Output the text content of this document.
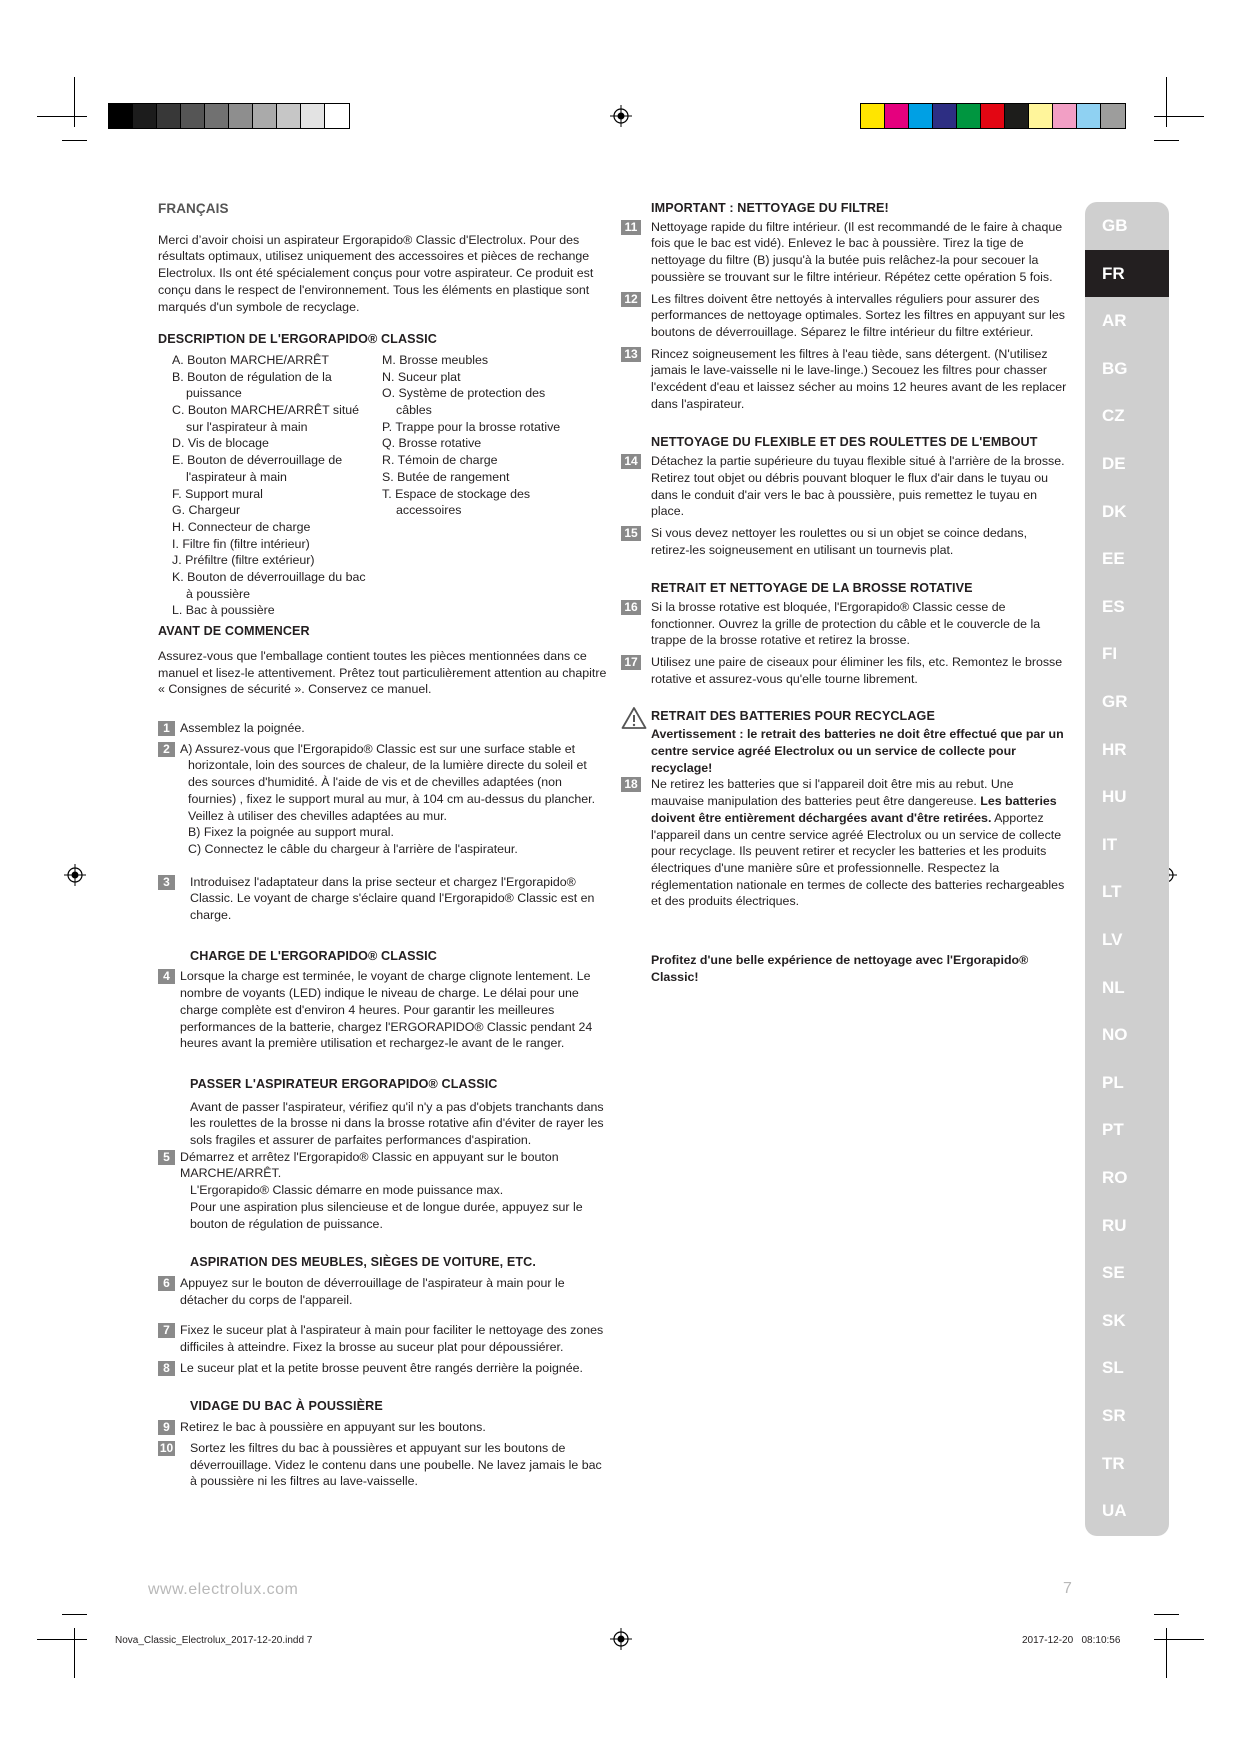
FRANÇAIS

Merci d’avoir choisi un aspirateur Ergorapido® Classic d'Electrolux. Pour des résultats optimaux, utilisez uniquement des accessoires et pièces de rechange Electrolux. Ils ont été spécialement conçus pour votre aspirateur. Ce produit est conçu dans le respect de l'environnement. Tous les éléments en plastique sont marqués d'un symbole de recyclage.

DESCRIPTION DE L'ERGORAPIDO® CLASSIC

A. Bouton MARCHE/ARRÊT
B. Bouton de régulation de la puissance
C. Bouton MARCHE/ARRÊT situé sur l'aspirateur à main
D. Vis de blocage
E. Bouton de déverrouillage de l'aspirateur à main
F. Support mural
G. Chargeur
H. Connecteur de charge
I. Filtre fin (filtre intérieur)
J. Préfiltre (filtre extérieur)
K. Bouton de déverrouillage du bac à poussière
L. Bac à poussière
M. Brosse meubles
N. Suceur plat
O. Système de protection des câbles
P. Trappe pour la brosse rotative
Q. Brosse rotative
R. Témoin de charge
S. Butée de rangement
T. Espace de stockage des accessoires

AVANT DE COMMENCER

Assurez-vous que l'emballage contient toutes les pièces mentionnées dans ce manuel et lisez-le attentivement. Prêtez tout particulièrement attention au chapitre « Consignes de sécurité ». Conservez ce manuel.

1 Assemblez la poignée.
2 A) Assurez-vous que l'Ergorapido® Classic est sur une surface stable et horizontale, loin des sources de chaleur, de la lumière directe du soleil et des sources d'humidité. À l'aide de vis et de chevilles adaptées (non fournies) , fixez le support mural au mur, à 104 cm au-dessus du plancher. Veillez à utiliser des chevilles adaptées au mur.
B) Fixez la poignée au support mural.
C) Connectez le câble du chargeur à l'arrière de l'aspirateur.
3	Introduisez l'adaptateur dans la prise secteur et chargez l'Ergorapido® Classic. Le voyant de charge s'éclaire quand l'Ergorapido® Classic est en charge.

CHARGE DE L'ERGORAPIDO® CLASSIC

4 Lorsque la charge est terminée, le voyant de charge clignote lentement. Le nombre de voyants (LED) indique le niveau de charge. Le délai pour une charge complète est d'environ 4 heures. Pour garantir les meilleures performances de la batterie, chargez l'ERGORAPIDO® Classic pendant 24 heures avant la première utilisation et rechargez-le avant de le ranger.

PASSER L'ASPIRATEUR ERGORAPIDO® CLASSIC

Avant de passer l'aspirateur, vérifiez qu'il n'y a pas d'objets tranchants dans les roulettes de la brosse ni dans la brosse rotative afin d'éviter de rayer les sols fragiles et assurer de parfaites performances d'aspiration.

5 Démarrez et arrêtez l'Ergorapido® Classic en appuyant sur le bouton MARCHE/ARRÊT.
L'Ergorapido® Classic démarre en mode puissance max.
Pour une aspiration plus silencieuse et de longue durée, appuyez sur le bouton de régulation de puissance.

ASPIRATION DES MEUBLES, SIÈGES DE VOITURE, ETC.

6 Appuyez sur le bouton de déverrouillage de l'aspirateur à main pour le détacher du corps de l'appareil.
7 Fixez le suceur plat à l'aspirateur à main pour faciliter le nettoyage des zones difficiles à atteindre. Fixez la brosse au suceur plat pour dépoussiérer.
8 Le suceur plat et la petite brosse peuvent être rangés derrière la poignée.

VIDAGE DU BAC À POUSSIÈRE

9 Retirez le bac à poussière en appuyant sur les boutons.
10 Sortez les filtres du bac à poussières et appuyant sur les boutons de déverrouillage. Videz le contenu dans une poubelle. Ne lavez jamais le bac à poussière ni les filtres au lave-vaisselle.

IMPORTANT : NETTOYAGE DU FILTRE!

11 Nettoyage rapide du filtre intérieur. (Il est recommandé de le faire à chaque fois que le bac est vidé). Enlevez le bac à poussière. Tirez la tige de nettoyage du filtre (B) jusqu'à la butée puis relâchez-la pour secouer la poussière se trouvant sur le filtre intérieur. Répétez cette opération 5 fois.
12 Les filtres doivent être nettoyés à intervalles réguliers pour assurer des performances de nettoyage optimales. Sortez les filtres en appuyant sur les boutons de déverrouillage. Séparez le filtre intérieur du filtre extérieur.
13 Rincez soigneusement les filtres à l'eau tiède, sans détergent. (N'utilisez jamais le lave-vaisselle ni le lave-linge.) Secouez les filtres pour chasser l'excédent d'eau et laissez sécher au moins 12 heures avant de les replacer dans l'aspirateur.

NETTOYAGE DU FLEXIBLE ET DES ROULETTES DE L'EMBOUT

14 Détachez la partie supérieure du tuyau flexible situé à l'arrière de la brosse. Retirez tout objet ou débris pouvant bloquer le flux d'air dans le tuyau ou dans le conduit d'air vers le bac à poussière, puis remettez le tuyau en place.
15 Si vous devez nettoyer les roulettes ou si un objet se coince dedans, retirez-les soigneusement en utilisant un tournevis plat.

RETRAIT ET NETTOYAGE DE LA BROSSE ROTATIVE

16 Si la brosse rotative est bloquée, l'Ergorapido® Classic cesse de fonctionner. Ouvrez la grille de protection du câble et le couvercle de la trappe de la brosse rotative et retirez la brosse.
17 Utilisez une paire de ciseaux pour éliminer les fils, etc. Remontez le brosse rotative et assurez-vous qu'elle tourne librement.

RETRAIT DES BATTERIES POUR RECYCLAGE

Avertissement : le retrait des batteries ne doit être effectué que par un centre service agréé Electrolux ou un service de collecte pour recyclage!

18 Ne retirez les batteries que si l'appareil doit être mis au rebut. Une mauvaise manipulation des batteries peut être dangereuse. Les batteries doivent être entièrement déchargées avant d'être retirées. Apportez l'appareil dans un centre service agréé Electrolux ou un service de collecte pour recyclage. Ils peuvent retirer et recycler les batteries et les produits électriques d'une manière sûre et professionnelle. Respectez la réglementation nationale en termes de collecte des batteries rechargeables et des produits électriques.

Profitez d'une belle expérience de nettoyage avec l'Ergorapido® Classic!

GB
FR
AR
BG
CZ
DE
DK
EE
ES
FI
GR
HR
HU
IT
LT
LV
NL
NO
PL
PT
RO
RU
SE
SK
SL
SR
TR
UA
www.electrolux.com	7
Nova_Classic_Electrolux_2017-12-20.indd 7	2017-12-20   08:10:56
